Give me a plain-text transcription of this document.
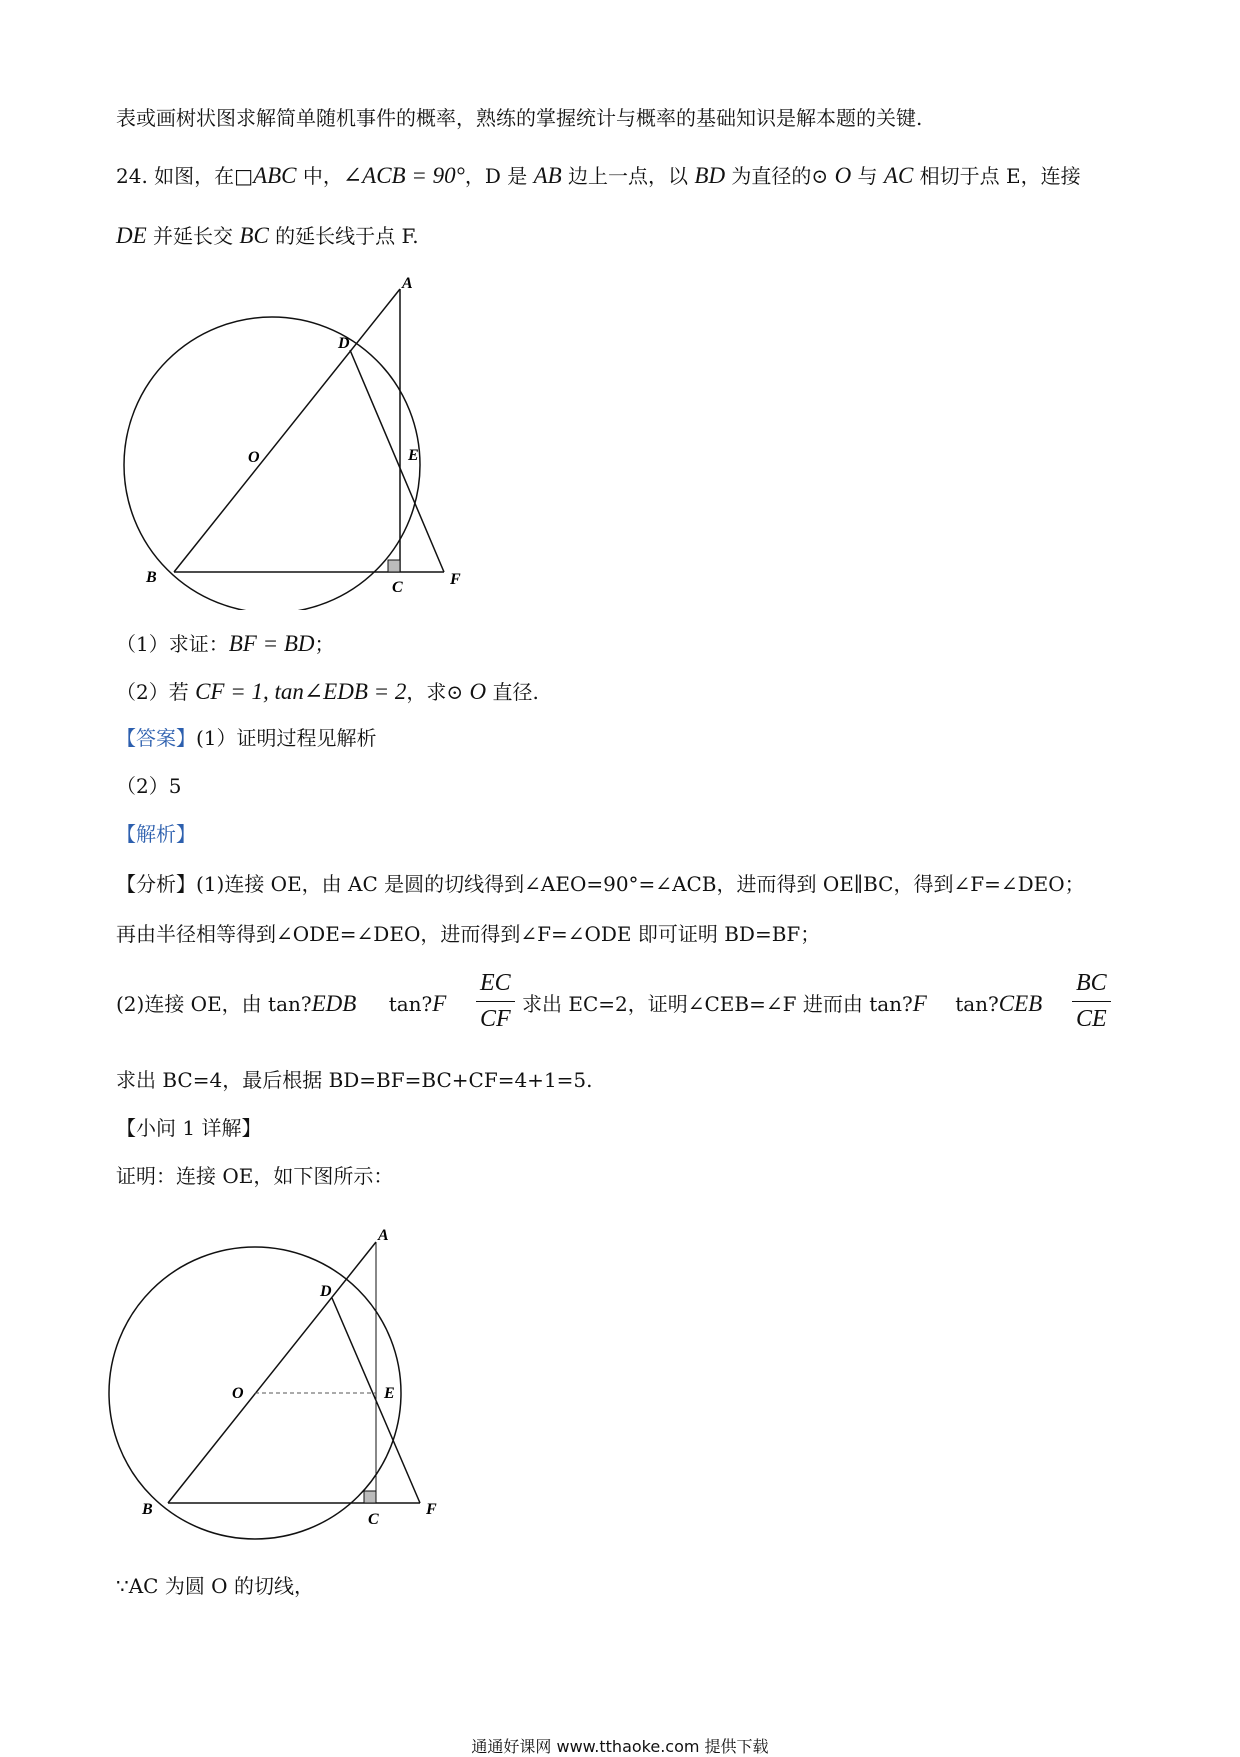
表或画树状图求解简单随机事件的概率，熟练的掌握统计与概率的基础知识是解本题的关键.
24. 如图，在□ABC 中，∠ACB = 90°，D 是 AB 边上一点，以 BD 为直径的⊙ O 与 AC 相切于点 E，连接
DE 并延长交 BC 的延长线于点 F.
A
D
O	E
B
C	F
（1）求证：BF = BD；
（2）若 CF = 1, tan∠EDB = 2，求⊙ O 直径.
【答案】(1）证明过程见解析
（2）5
【解析】
【分析】(1)连接 OE，由 AC 是圆的切线得到∠AEO=90°=∠ACB，进而得到 OE∥BC，得到∠F=∠DEO；
再由半径相等得到∠ODE=∠DEO，进而得到∠F=∠ODE 即可证明 BD=BF；
(2)连接 OE，由 tan?EDB tan?F
EC
CF
求出 EC=2，证明∠CEB=∠F 进而由 tan?F tan?CEB
BC
CE
求出 BC=4，最后根据 BD=BF=BC+CF=4+1=5.
【小问 1 详解】
证明：连接 OE，如下图所示：
A
D
O	E
B
C
F
∵AC 为圆 O 的切线，
通通好课网 www.tthaoke.com 提供下载
